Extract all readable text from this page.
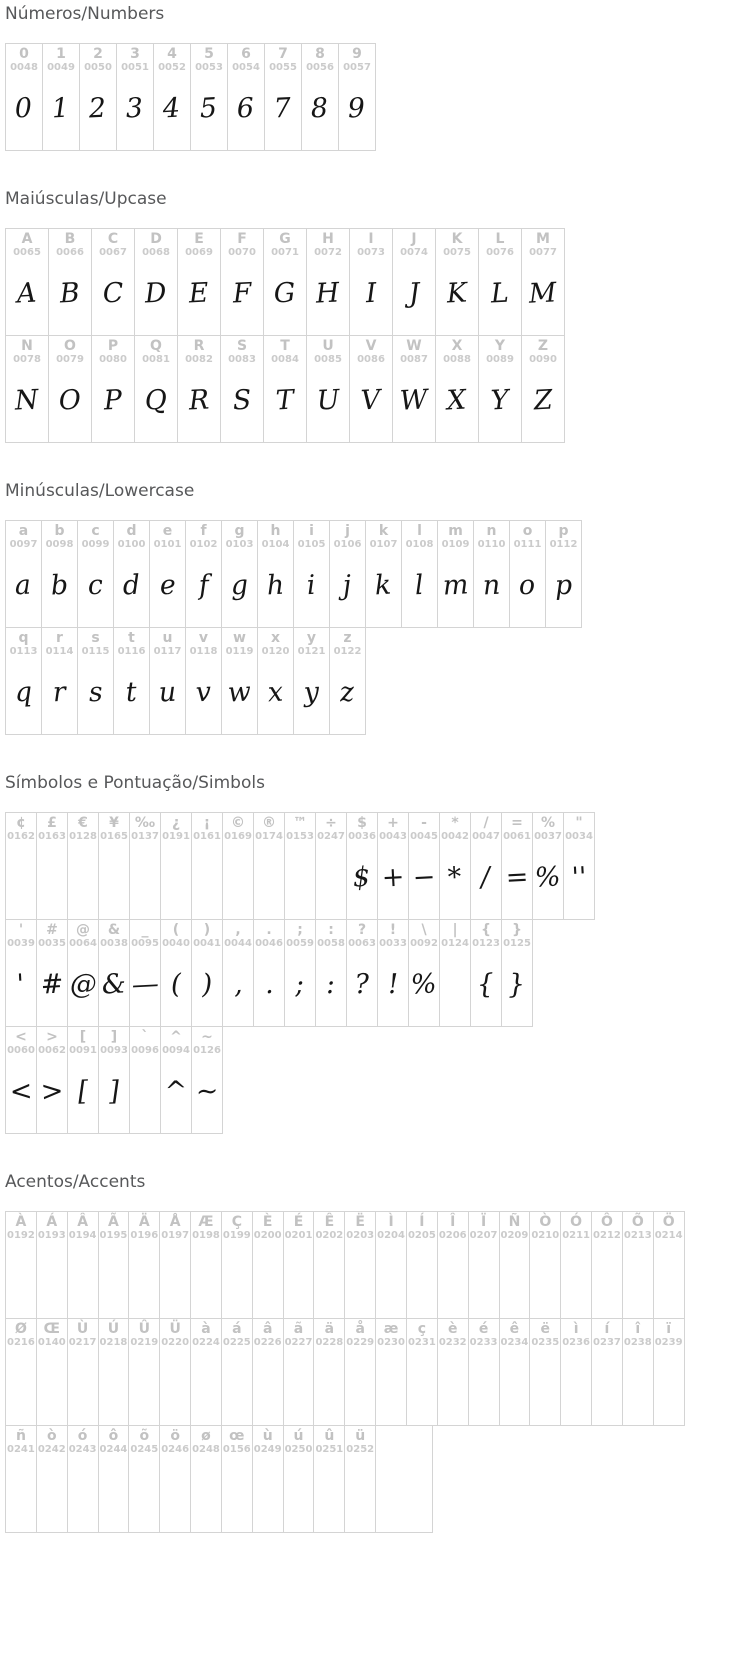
Números/Numbers
0
0048
0
1
0049
1
2
0050
2
3
0051
3
4
0052
4
5
0053
5
6
0054
6
7
0055
7
8
0056
8
9
0057
9
Maiúsculas/Upcase
A
0065
A
B
0066
B
C
0067
C
D
0068
D
E
0069
E
F
0070
F
G
0071
G
H
0072
H
I
0073
I
J
0074
J
K
0075
K
L
0076
L
M
0077
M
N
0078
N
O
0079
O
P
0080
P
Q
0081
Q
R
0082
R
S
0083
S
T
0084
T
U
0085
U
V
0086
V
W
0087
W
X
0088
X
Y
0089
Y
Z
0090
Z
Minúsculas/Lowercase
a
0097
a
b
0098
b
c
0099
c
d
0100
d
e
0101
e
f
0102
f
g
0103
g
h
0104
h
i
0105
i
j
0106
j
k
0107
k
l
0108
l
m
0109
m
n
0110
n
o
0111
o
p
0112
p
q
0113
q
r
0114
r
s
0115
s
t
0116
t
u
0117
u
v
0118
v
w
0119
w
x
0120
x
y
0121
y
z
0122
z
Símbolos e Pontuação/Simbols
¢
0162
£
0163
€
0128
¥
0165
‰
0137
¿
0191
¡
0161
©
0169
®
0174
™
0153
÷
0247
$
0036
$
+
0043
+
-
0045
−
*
0042
*
/
0047
/
=
0061
=
%
0037
%
"
0034
''
'
0039
'
#
0035
#
@
0064
@
&
0038
&
_
0095
—
(
0040
(
)
0041
)
,
0044
,
.
0046
.
;
0059
;
:
0058
:
?
0063
?
!
0033
!
\
0092
%
|
0124
{
0123
{
}
0125
}
<
0060
<
>
0062
>
[
0091
[
]
0093
]
`
0096
^
0094
^
~
0126
~
Acentos/Accents
À
0192
Á
0193
Â
0194
Ã
0195
Ä
0196
Å
0197
Æ
0198
Ç
0199
È
0200
É
0201
Ê
0202
Ë
0203
Ì
0204
Í
0205
Î
0206
Ï
0207
Ñ
0209
Ò
0210
Ó
0211
Ô
0212
Õ
0213
Ö
0214
Ø
0216
Œ
0140
Ù
0217
Ú
0218
Û
0219
Ü
0220
à
0224
á
0225
â
0226
ã
0227
ä
0228
å
0229
æ
0230
ç
0231
è
0232
é
0233
ê
0234
ë
0235
ì
0236
í
0237
î
0238
ï
0239
ñ
0241
ò
0242
ó
0243
ô
0244
õ
0245
ö
0246
ø
0248
œ
0156
ù
0249
ú
0250
û
0251
ü
0252
